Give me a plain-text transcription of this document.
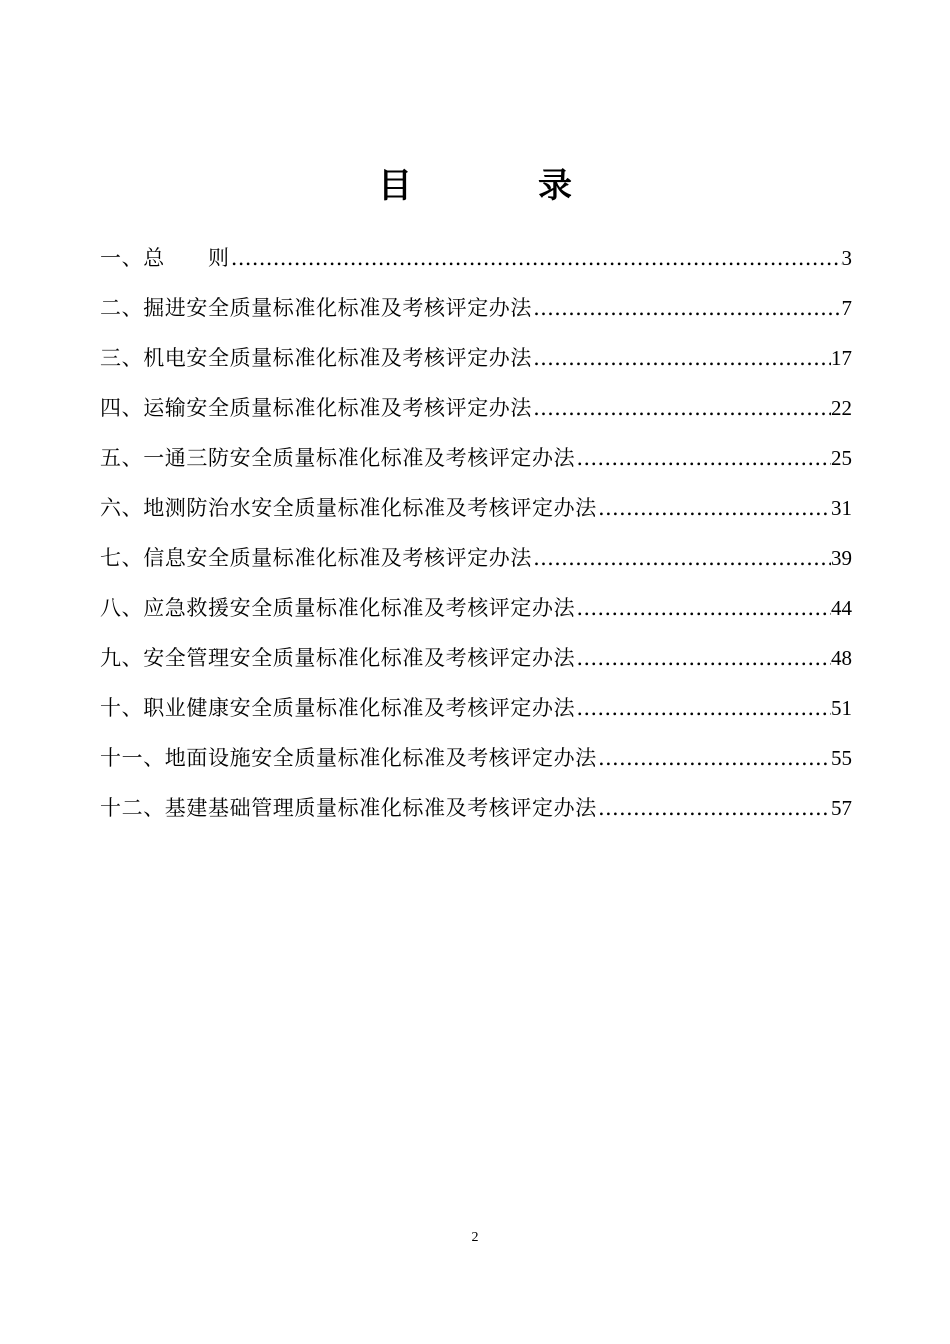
目　录
一、总　　则 ……………………………………………………………………………………………………………………………………	3
二、掘进安全质量标准化标准及考核评定办法 ……………………………………………………………………………………………………………………………………	7
三、机电安全质量标准化标准及考核评定办法 ……………………………………………………………………………………………………………………………………	17
四、运输安全质量标准化标准及考核评定办法 ……………………………………………………………………………………………………………………………………	22
五、一通三防安全质量标准化标准及考核评定办法 ……………………………………………………………………………………………………………………………………	25
六、地测防治水安全质量标准化标准及考核评定办法 ……………………………………………………………………………………………………………………………………	31
七、信息安全质量标准化标准及考核评定办法 ……………………………………………………………………………………………………………………………………	39
八、应急救援安全质量标准化标准及考核评定办法 ……………………………………………………………………………………………………………………………………	44
九、安全管理安全质量标准化标准及考核评定办法 ……………………………………………………………………………………………………………………………………	48
十、职业健康安全质量标准化标准及考核评定办法 ……………………………………………………………………………………………………………………………………	51
十一、地面设施安全质量标准化标准及考核评定办法 ……………………………………………………………………………………………………………………………………	55
十二、基建基础管理质量标准化标准及考核评定办法 ……………………………………………………………………………………………………………………………………	57

2
